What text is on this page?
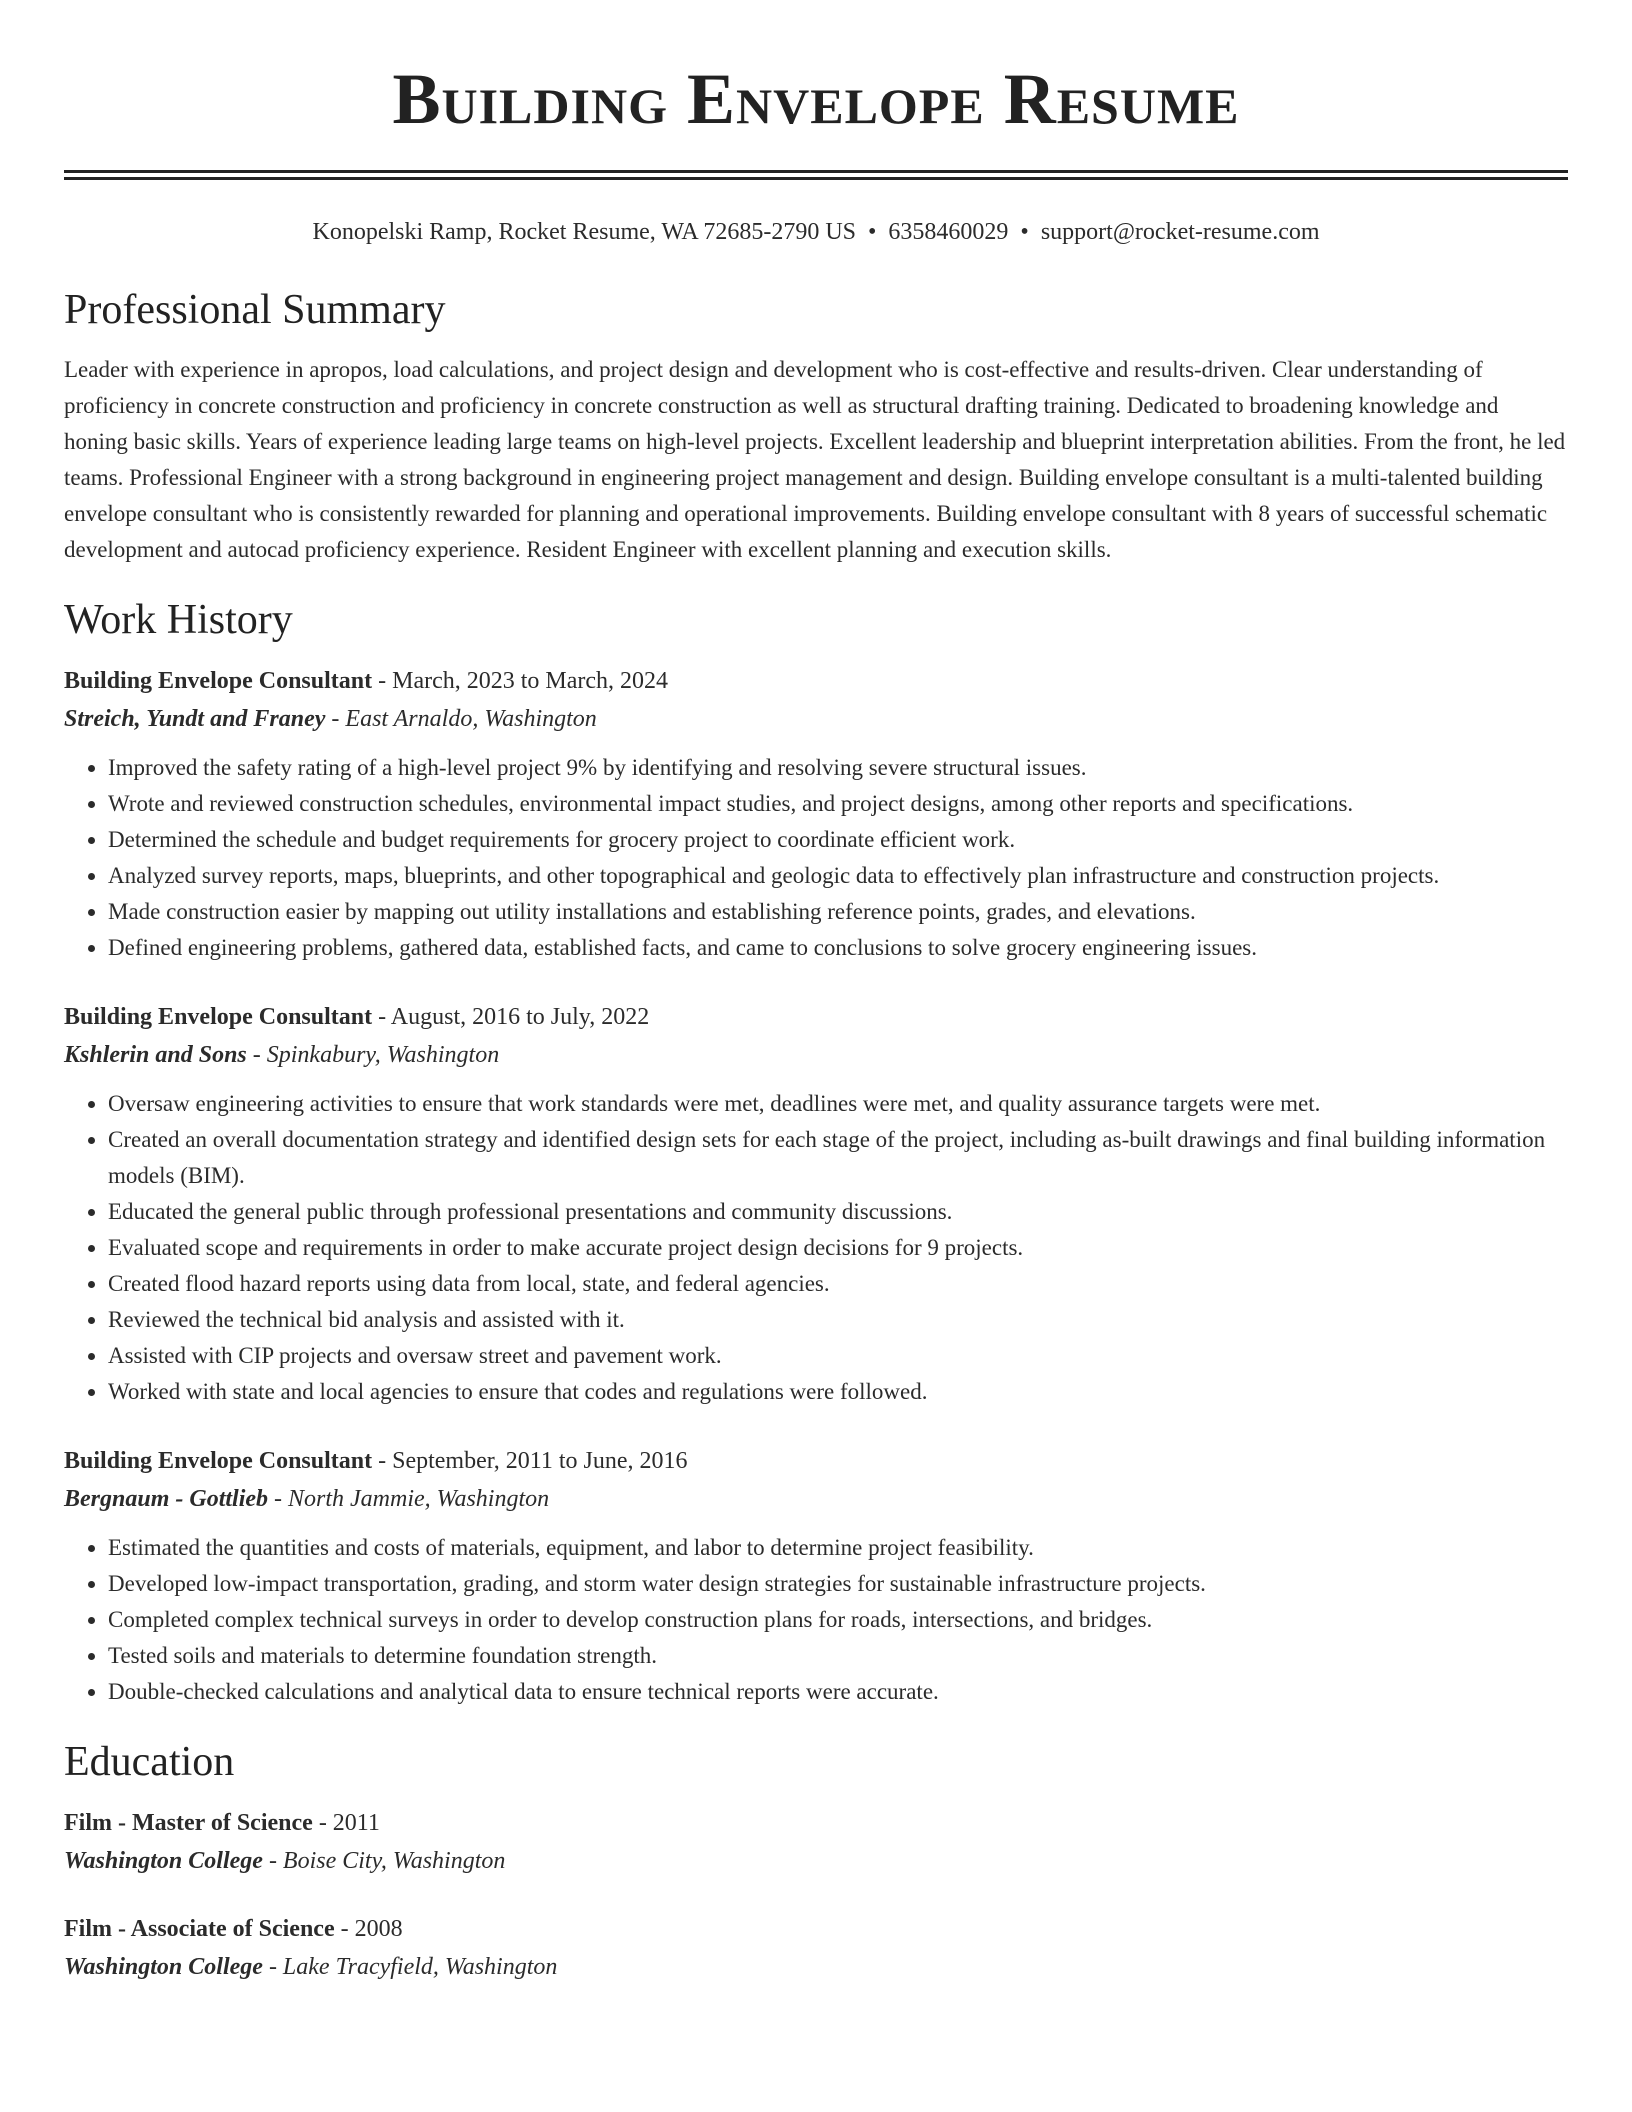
Building Envelope Resume
Konopelski Ramp, Rocket Resume, WA 72685-2790 US • 6358460029 • support@rocket-resume.com
Professional Summary

Leader with experience in apropos, load calculations, and project design and development who is cost-effective and results-driven. Clear understanding of proficiency in concrete construction and proficiency in concrete construction as well as structural drafting training. Dedicated to broadening knowledge and honing basic skills. Years of experience leading large teams on high-level projects. Excellent leadership and blueprint interpretation abilities. From the front, he led teams. Professional Engineer with a strong background in engineering project management and design. Building envelope consultant is a multi-talented building envelope consultant who is consistently rewarded for planning and operational improvements. Building envelope consultant with 8 years of successful schematic development and autocad proficiency experience. Resident Engineer with excellent planning and execution skills.

Work History
Building Envelope Consultant - March, 2023 to March, 2024
Streich, Yundt and Franey - East Arnaldo, Washington
• Improved the safety rating of a high-level project 9% by identifying and resolving severe structural issues.
• Wrote and reviewed construction schedules, environmental impact studies, and project designs, among other reports and specifications.
• Determined the schedule and budget requirements for grocery project to coordinate efficient work.
• Analyzed survey reports, maps, blueprints, and other topographical and geologic data to effectively plan infrastructure and construction projects.
• Made construction easier by mapping out utility installations and establishing reference points, grades, and elevations.
• Defined engineering problems, gathered data, established facts, and came to conclusions to solve grocery engineering issues.
Building Envelope Consultant - August, 2016 to July, 2022
Kshlerin and Sons - Spinkabury, Washington
• Oversaw engineering activities to ensure that work standards were met, deadlines were met, and quality assurance targets were met.
• Created an overall documentation strategy and identified design sets for each stage of the project, including as-built drawings and final building information models (BIM).
• Educated the general public through professional presentations and community discussions.
• Evaluated scope and requirements in order to make accurate project design decisions for 9 projects.
• Created flood hazard reports using data from local, state, and federal agencies.
• Reviewed the technical bid analysis and assisted with it.
• Assisted with CIP projects and oversaw street and pavement work.
• Worked with state and local agencies to ensure that codes and regulations were followed.
Building Envelope Consultant - September, 2011 to June, 2016
Bergnaum - Gottlieb - North Jammie, Washington
• Estimated the quantities and costs of materials, equipment, and labor to determine project feasibility.
• Developed low-impact transportation, grading, and storm water design strategies for sustainable infrastructure projects.
• Completed complex technical surveys in order to develop construction plans for roads, intersections, and bridges.
• Tested soils and materials to determine foundation strength.
• Double-checked calculations and analytical data to ensure technical reports were accurate.
Education
Film - Master of Science - 2011
Washington College - Boise City, Washington
Film - Associate of Science - 2008
Washington College - Lake Tracyfield, Washington
